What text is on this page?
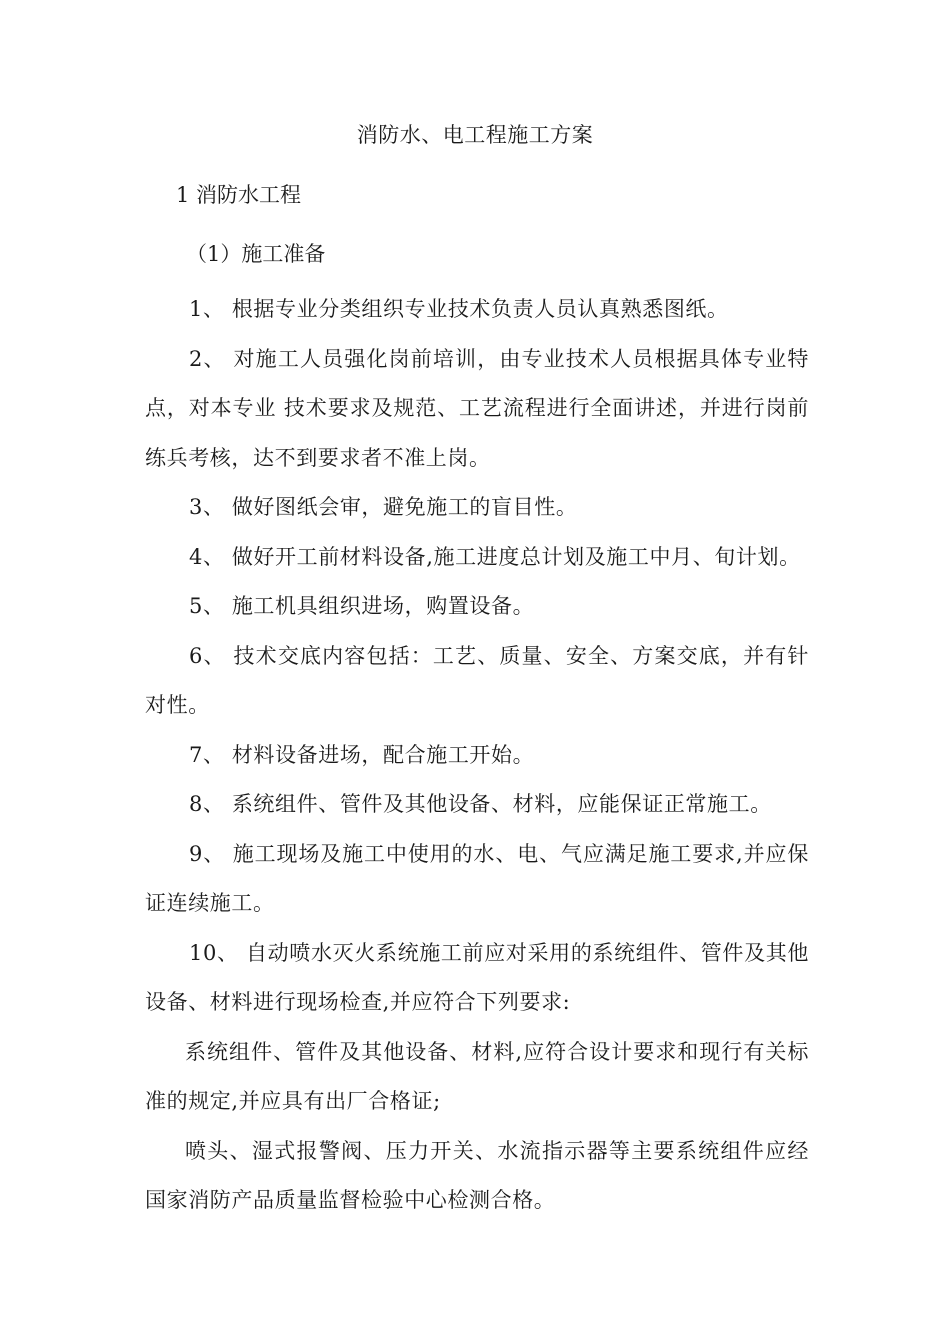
消防水、电工程施工方案
1 消防水工程
（1）施工准备

1、 根据专业分类组织专业技术负责人员认真熟悉图纸。

2、 对施工人员强化岗前培训，由专业技术人员根据具体专业特点，对本专业 技术要求及规范、工艺流程进行全面讲述，并进行岗前练兵考核，达不到要求者不准上岗。

3、 做好图纸会审，避免施工的盲目性。

4、 做好开工前材料设备,施工进度总计划及施工中月、旬计划。

5、 施工机具组织进场，购置设备。

6、 技术交底内容包括：工艺、质量、安全、方案交底，并有针对性。

7、 材料设备进场，配合施工开始。

8、 系统组件、管件及其他设备、材料，应能保证正常施工。

9、 施工现场及施工中使用的水、电、气应满足施工要求,并应保证连续施工。

10、 自动喷水灭火系统施工前应对采用的系统组件、管件及其他设备、材料进行现场检查,并应符合下列要求:

系统组件、管件及其他设备、材料,应符合设计要求和现行有关标准的规定,并应具有出厂合格证;

喷头、湿式报警阀、压力开关、水流指示器等主要系统组件应经国家消防产品质量监督检验中心检测合格。
